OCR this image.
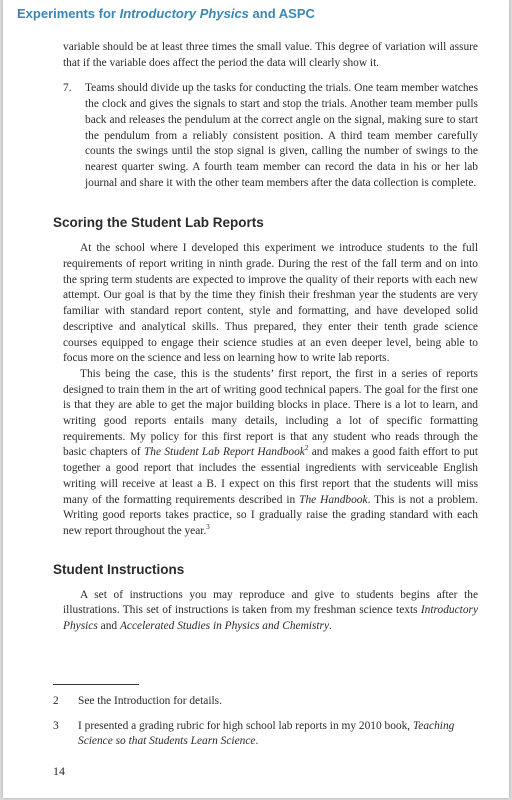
Experiments for Introductory Physics and ASPC

variable should be at least three times the small value. This degree of variation will assure that if the variable does affect the period the data will clearly show it.

7. Teams should divide up the tasks for conducting the trials. One team member watches the clock and gives the signals to start and stop the trials. Another team member pulls back and releases the pendulum at the correct angle on the signal, making sure to start the pendulum from a reliably consistent position. A third team member carefully counts the swings until the stop signal is given, calling the number of swings to the nearest quarter swing. A fourth team member can record the data in his or her lab journal and share it with the other team members after the data collection is complete.

Scoring the Student Lab Reports

At the school where I developed this experiment we introduce students to the full requirements of report writing in ninth grade. During the rest of the fall term and on into the spring term students are expected to improve the quality of their reports with each new attempt. Our goal is that by the time they finish their freshman year the students are very familiar with standard report content, style and formatting, and have developed solid descriptive and analytical skills. Thus prepared, they enter their tenth grade science courses equipped to engage their science studies at an even deeper level, being able to focus more on the science and less on learning how to write lab reports.

This being the case, this is the students’ first report, the first in a series of reports designed to train them in the art of writing good technical papers. The goal for the first one is that they are able to get the major building blocks in place. There is a lot to learn, and writing good reports entails many details, including a lot of specific formatting requirements. My policy for this first report is that any student who reads through the basic chapters of The Student Lab Report Handbook$^2$ and makes a good faith effort to put together a good report that includes the essential ingredients with serviceable English writing will receive at least a B. I expect on this first report that the students will miss many of the formatting requirements described in The Handbook. This is not a problem. Writing good reports takes practice, so I gradually raise the grading standard with each new report throughout the year.$^3$

Student Instructions

A set of instructions you may reproduce and give to students begins after the illustrations. This set of instructions is taken from my freshman science texts Introductory Physics and Accelerated Studies in Physics and Chemistry.

2 See the Introduction for details.

3 I presented a grading rubric for high school lab reports in my 2010 book, Teaching Science so that Students Learn Science.

14
